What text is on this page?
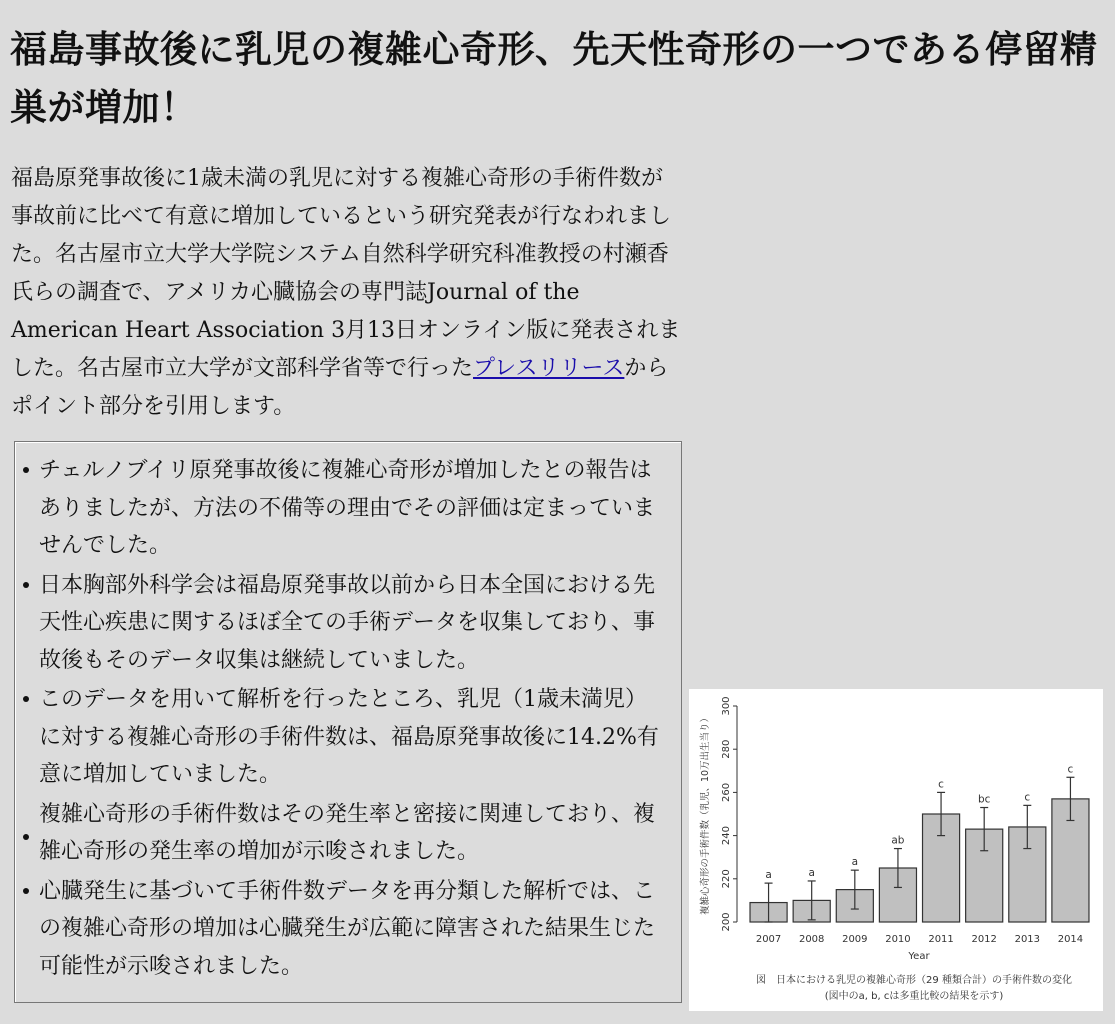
福島事故後に乳児の複雑心奇形、先天性奇形の一つである停留精巣が増加！

福島原発事故後に1歳未満の乳児に対する複雑心奇形の手術件数が事故前に比べて有意に増加しているという研究発表が行なわれました。名古屋市立大学大学院システム自然科学研究科准教授の村瀬香氏らの調査で、アメリカ心臓協会の専門誌Journal of the American Heart Association 3月13日オンライン版に発表されました。名古屋市立大学が文部科学省等で行ったプレスリリースからポイント部分を引用します。

チェルノブイリ原発事故後に複雑心奇形が増加したとの報告はありましたが、方法の不備等の理由でその評価は定まっていませんでした。
日本胸部外科学会は福島原発事故以前から日本全国における先天性心疾患に関するほぼ全ての手術データを収集しており、事故後もそのデータ収集は継続していました。
このデータを用いて解析を行ったところ、乳児（1歳未満児）に対する複雑心奇形の手術件数は、福島原発事故後に14.2%有意に増加していました。
複雑心奇形の手術件数はその発生率と密接に関連しており、複雑心奇形の発生率の増加が示唆されました。
心臓発生に基づいて手術件数データを再分類した解析では、この複雑心奇形の増加は心臓発生が広範に障害された結果生じた可能性が示唆されました。
200
220
240
260
280
300
a
2007
a
2008
a
2009
ab
2010
c
2011
bc
2012
c
2013
c
2014
Year
複雑心奇形の手術件数（乳児、10万出生当り）
図　日本における乳児の複雑心奇形（29 種類合計）の手術件数の変化
(図中のa, b, cは多重比較の結果を示す)
